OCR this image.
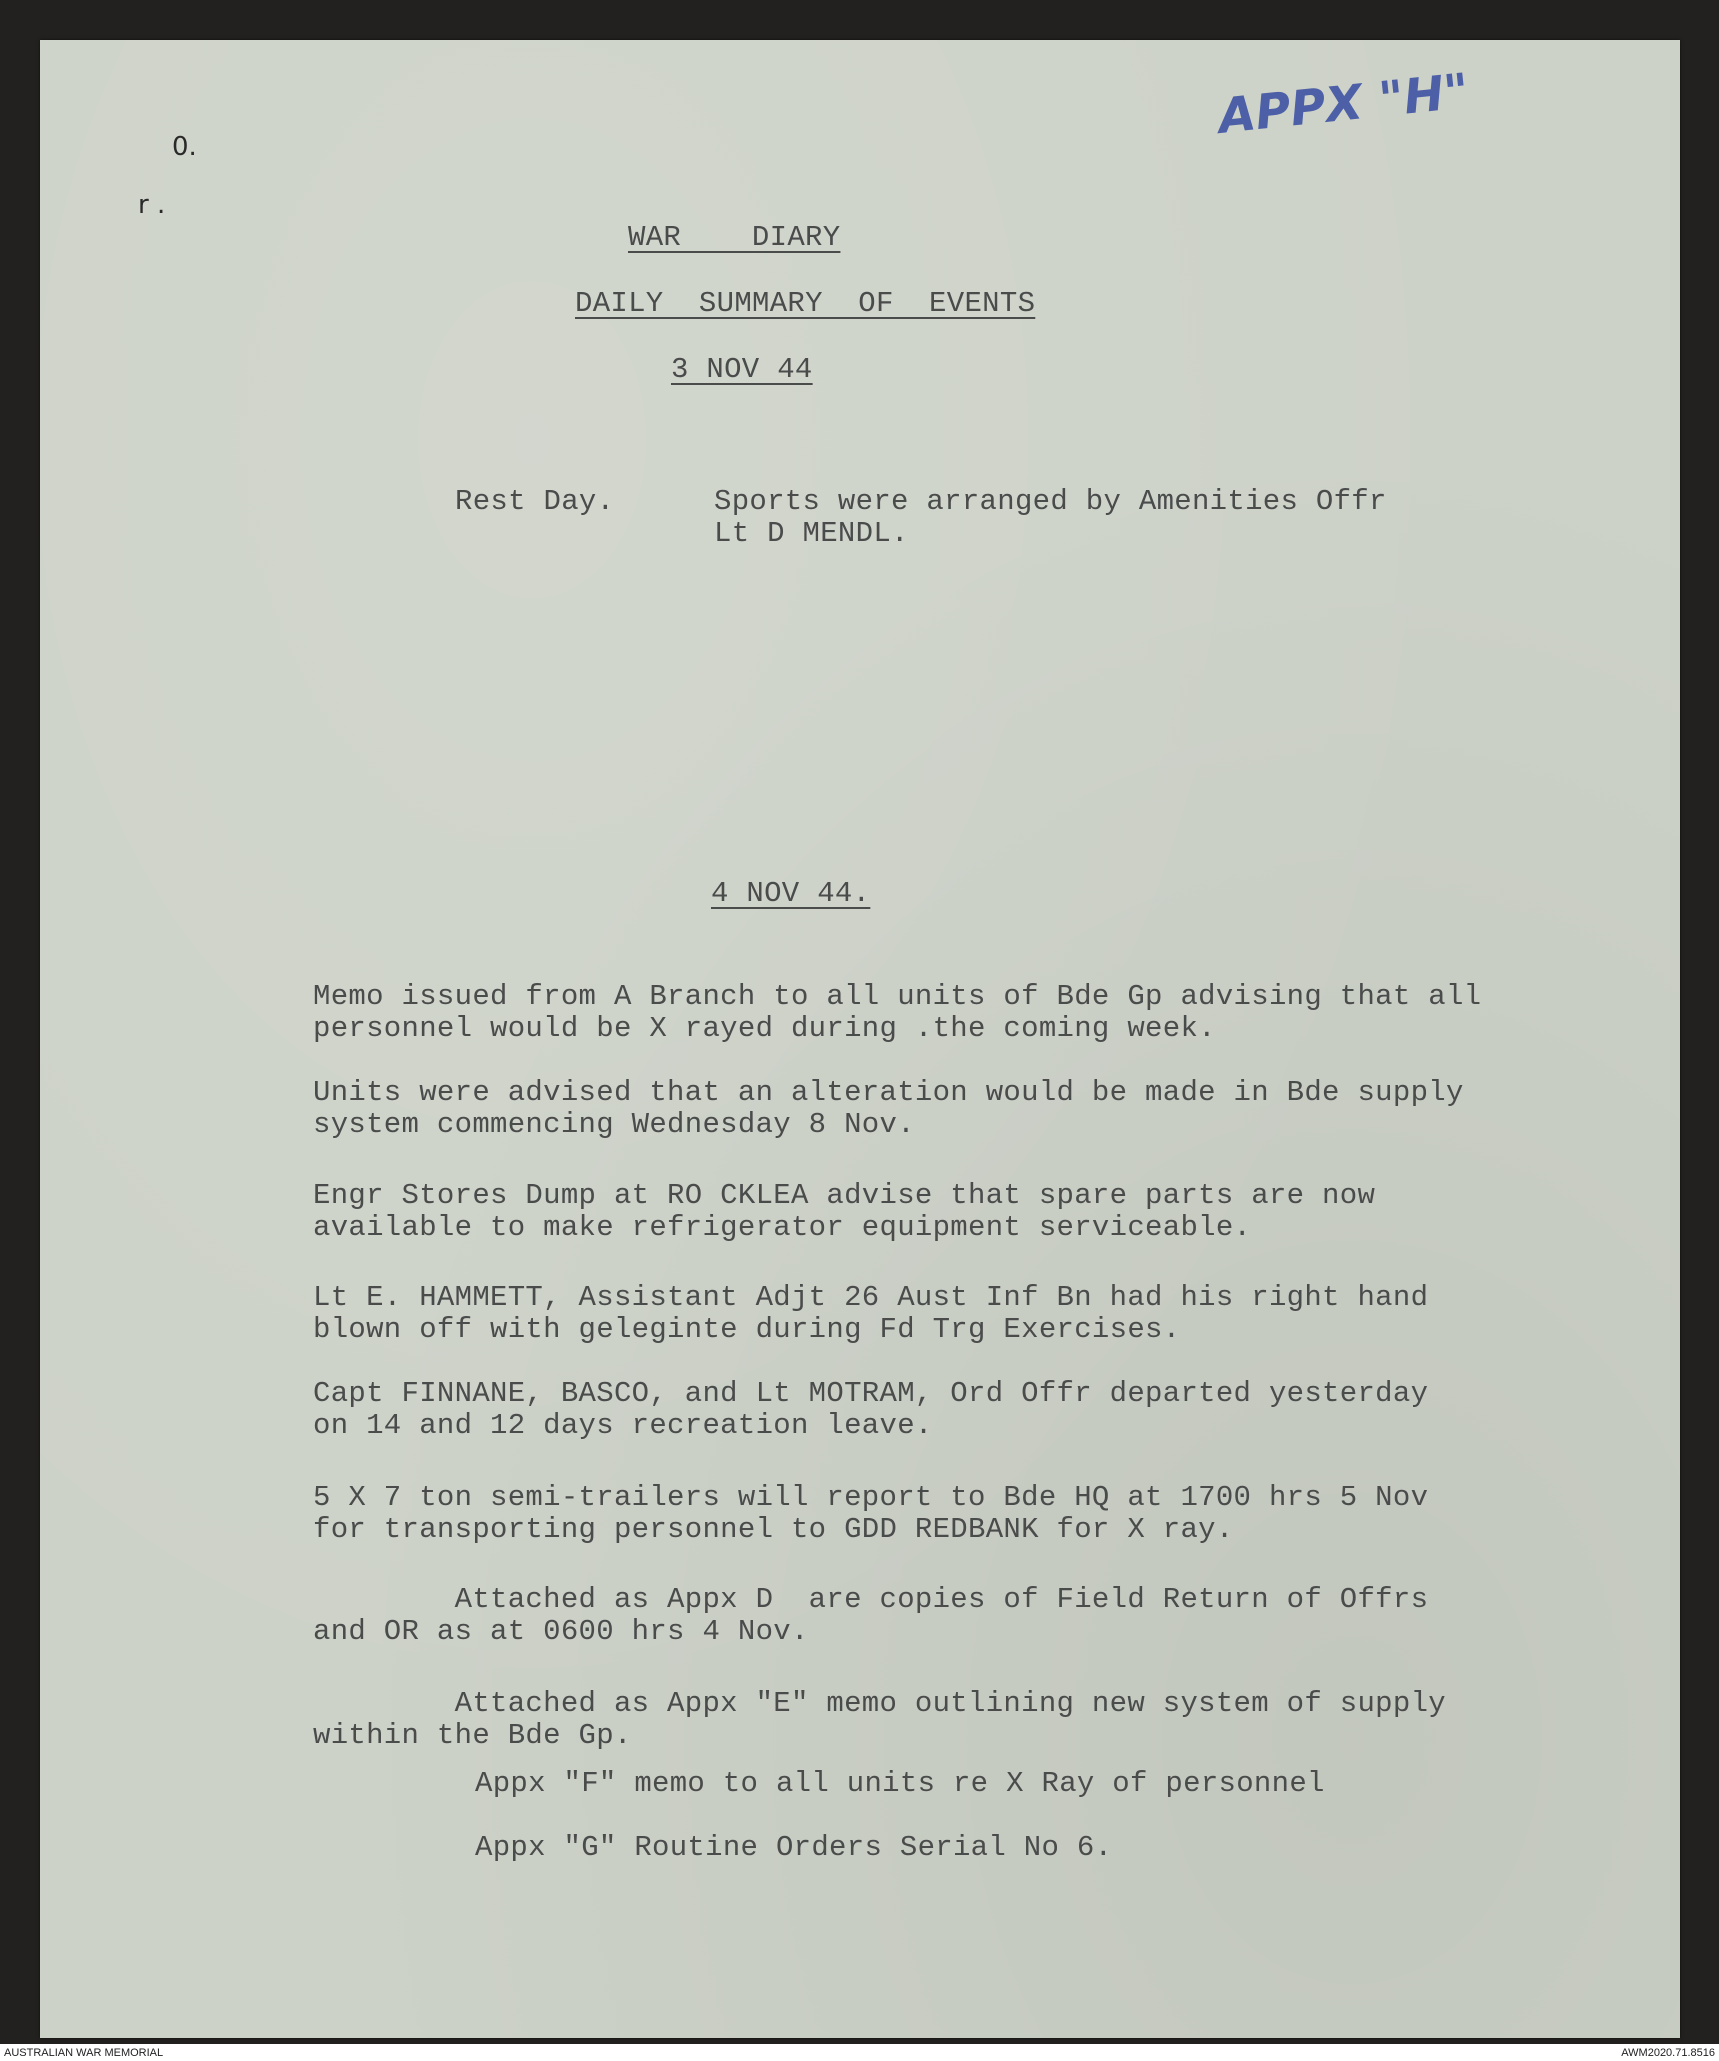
APPX "H"
0.
r .

WAR    DIARY

DAILY  SUMMARY  OF  EVENTS

3 NOV 44

Rest Day.	Sports were arranged by Amenities Offr
Lt D MENDL.

4 NOV 44.

Memo issued from A Branch to all units of Bde Gp advising that all
personnel would be X rayed during .the coming week.

Units were advised that an alteration would be made in Bde supply
system commencing Wednesday 8 Nov.

Engr Stores Dump at RO CKLEA advise that spare parts are now
available to make refrigerator equipment serviceable.

Lt E. HAMMETT, Assistant Adjt 26 Aust Inf Bn had his right hand
blown off with geleginte during Fd Trg Exercises.

Capt FINNANE, BASCO, and Lt MOTRAM, Ord Offr departed yesterday
on 14 and 12 days recreation leave.

5 X 7 ton semi-trailers will report to Bde HQ at 1700 hrs 5 Nov
for transporting personnel to GDD REDBANK for X ray.

Attached as Appx D  are copies of Field Return of Offrs
and OR as at 0600 hrs 4 Nov.

Attached as Appx "E" memo outlining new system of supply
within the Bde Gp.

Appx "F" memo to all units re X Ray of personnel

Appx "G" Routine Orders Serial No 6.

AUSTRALIAN WAR MEMORIAL	AWM2020.71.8516
